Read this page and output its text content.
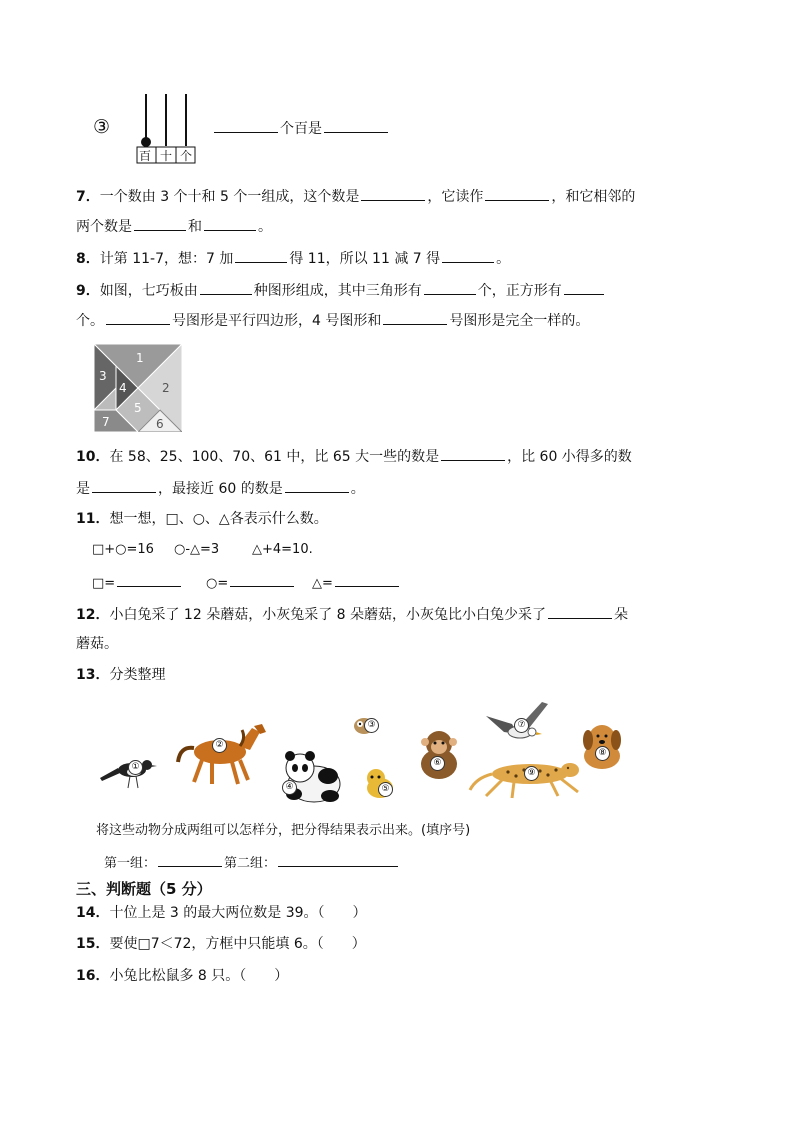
③
百 十 个
个百是
7．一个数由 3 个十和 5 个一组成，这个数是	，它读作	，和它相邻的
两个数是	和	。
8．计第 11-7，想：7 加	得 11，所以 11 减 7 得	。
9．如图，七巧板由	种图形组成，其中三角形有	个，正方形有
个。	号图形是平行四边形，4 号图形和	号图形是完全一样的。
1
2
3
4
5
6
7
10．在 58、25、100、70、61 中，比 65 大一些的数是	，比 60 小得多的数
是	，最接近 60 的数是	。
11．想一想，□、○、△各表示什么数。
□+○=16 ○-△=3	△+4=10.
□=	○=	△=
12．小白兔采了 12 朵蘑菇，小灰兔采了 8 朵蘑菇，小灰兔比小白兔少采了	朵
蘑菇。
13．分类整理
①
②
④
③
⑤
⑥
⑦
⑨
⑧
将这些动物分成两组可以怎样分，把分得结果表示出来。(填序号)
第一组：	第二组：
三、判断题（5 分）
14．十位上是 3 的最大两位数是 39。（　　）
15．要使□7＜72，方框中只能填 6。（　　）
16．小兔比松鼠多 8 只。（　　）
